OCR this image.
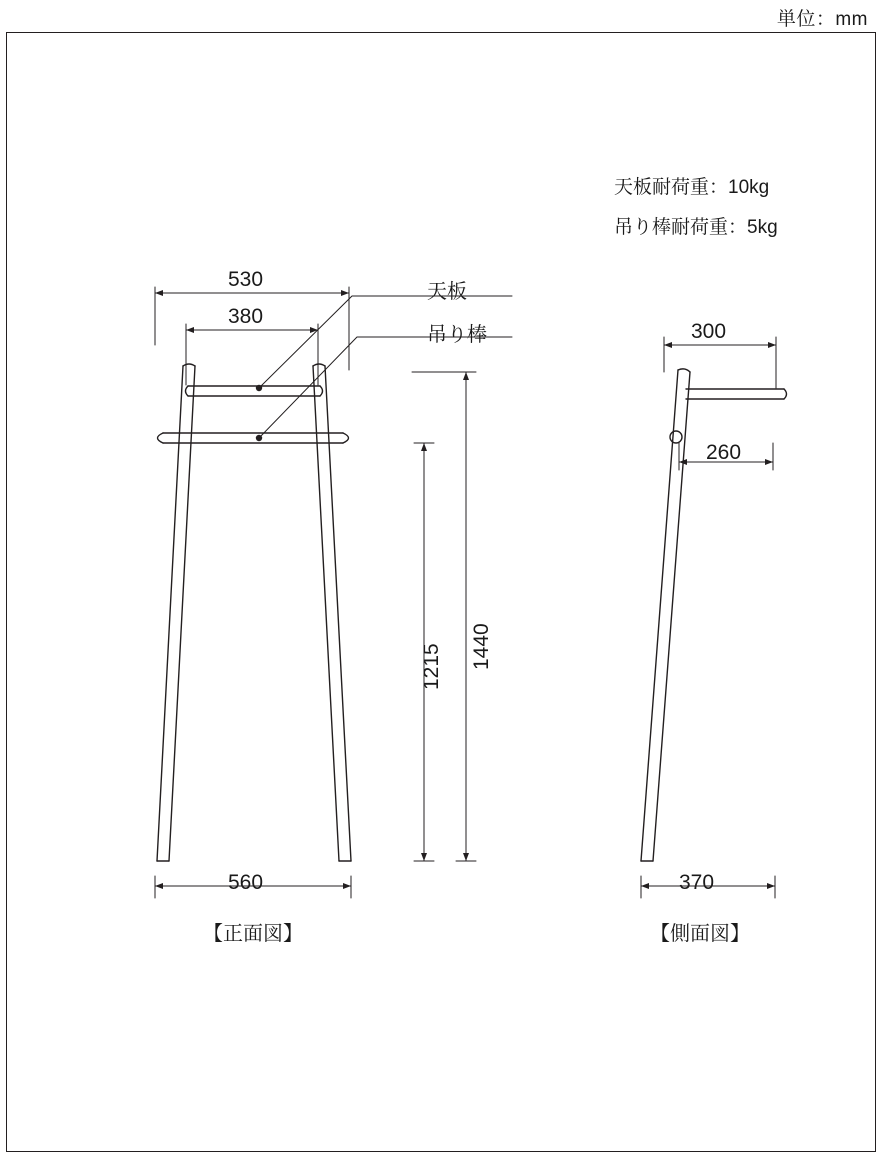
単位：mm
天板耐荷重：10kg
吊り棒耐荷重：5kg
天板
吊り棒
530
380
560
1215 1440
300
260
370
【正面図】	【側面図】
